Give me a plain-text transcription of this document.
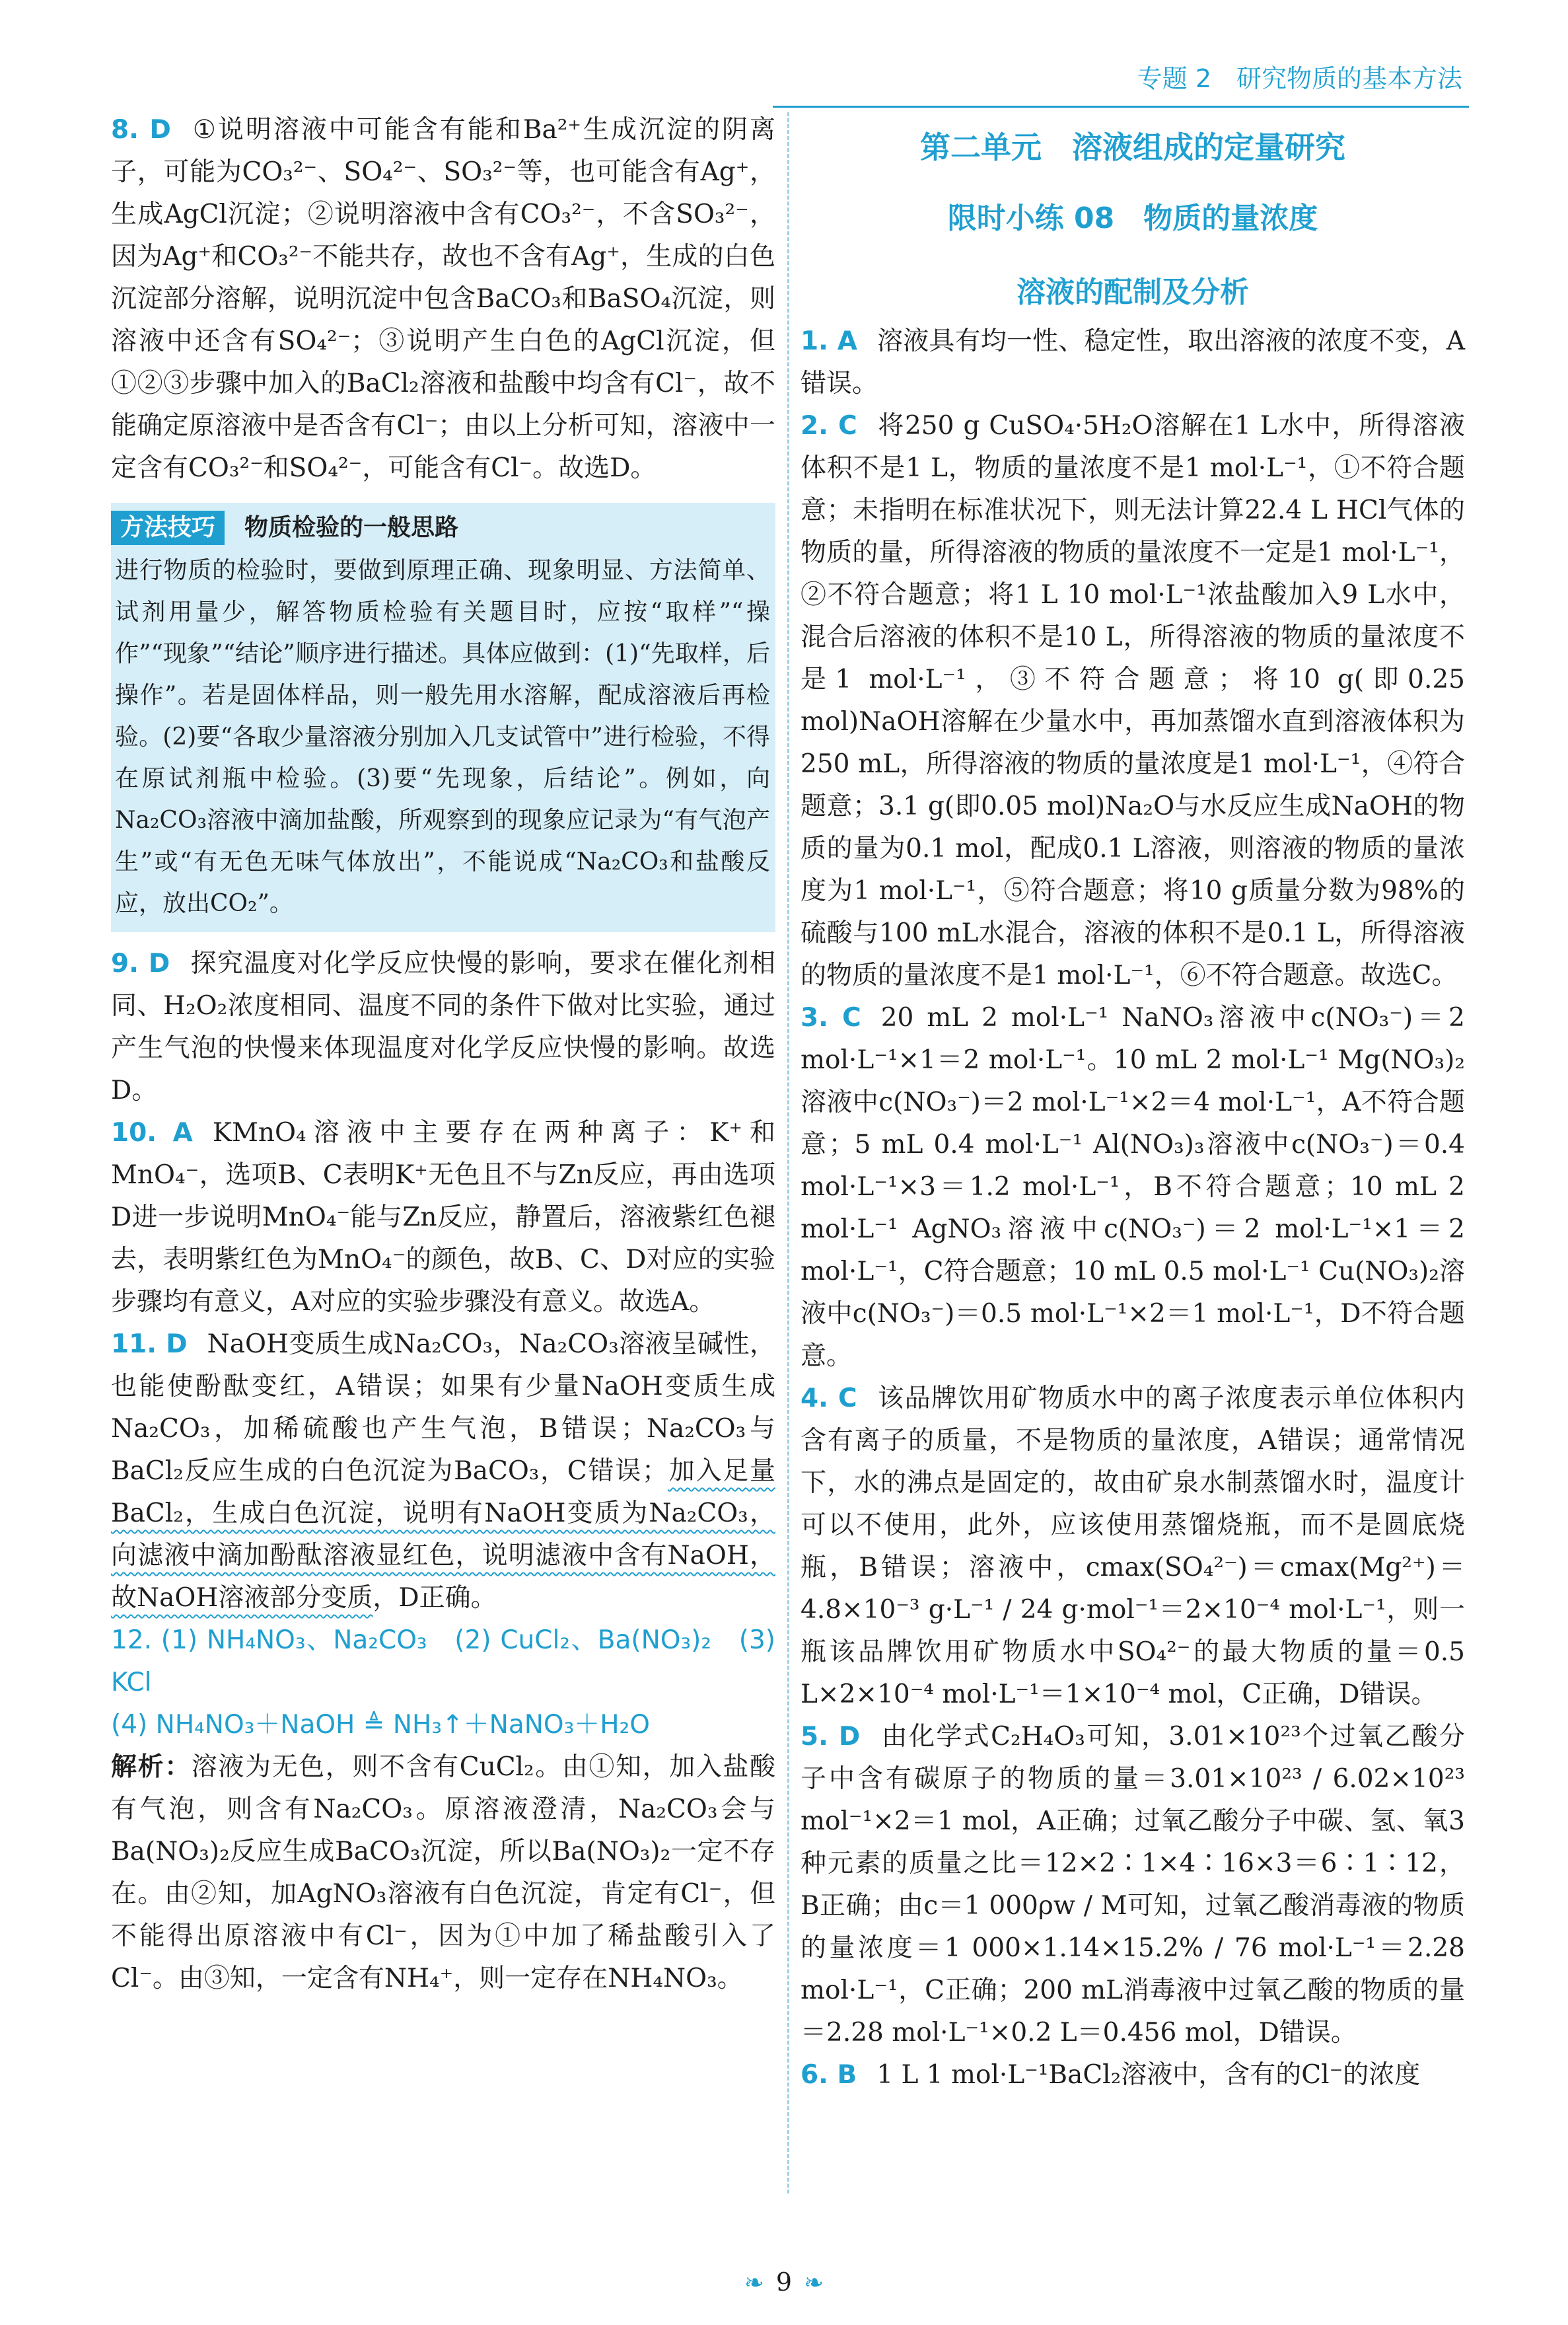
专题 2　研究物质的基本方法

8. D ①说明溶液中可能含有能和Ba²⁺生成沉淀的阴离子，可能为CO₃²⁻、SO₄²⁻、SO₃²⁻等，也可能含有Ag⁺，生成AgCl沉淀；②说明溶液中含有CO₃²⁻，不含SO₃²⁻，因为Ag⁺和CO₃²⁻不能共存，故也不含有Ag⁺，生成的白色沉淀部分溶解，说明沉淀中包含BaCO₃和BaSO₄沉淀，则溶液中还含有SO₄²⁻；③说明产生白色的AgCl沉淀，但①②③步骤中加入的BaCl₂溶液和盐酸中均含有Cl⁻，故不能确定原溶液中是否含有Cl⁻；由以上分析可知，溶液中一定含有CO₃²⁻和SO₄²⁻，可能含有Cl⁻。故选D。

方法技巧 物质检验的一般思路
进行物质的检验时，要做到原理正确、现象明显、方法简单、试剂用量少，解答物质检验有关题目时，应按“取样”“操作”“现象”“结论”顺序进行描述。具体应做到：(1)“先取样，后操作”。若是固体样品，则一般先用水溶解，配成溶液后再检验。(2)要“各取少量溶液分别加入几支试管中”进行检验，不得在原试剂瓶中检验。(3)要“先现象，后结论”。例如，向Na₂CO₃溶液中滴加盐酸，所观察到的现象应记录为“有气泡产生”或“有无色无味气体放出”，不能说成“Na₂CO₃和盐酸反应，放出CO₂”。

9. D 探究温度对化学反应快慢的影响，要求在催化剂相同、H₂O₂浓度相同、温度不同的条件下做对比实验，通过产生气泡的快慢来体现温度对化学反应快慢的影响。故选D。

10. A KMnO₄溶液中主要存在两种离子：K⁺和MnO₄⁻，选项B、C表明K⁺无色且不与Zn反应，再由选项D进一步说明MnO₄⁻能与Zn反应，静置后，溶液紫红色褪去，表明紫红色为MnO₄⁻的颜色，故B、C、D对应的实验步骤均有意义，A对应的实验步骤没有意义。故选A。

11. D NaOH变质生成Na₂CO₃，Na₂CO₃溶液呈碱性，也能使酚酞变红，A错误；如果有少量NaOH变质生成Na₂CO₃，加稀硫酸也产生气泡，B错误；Na₂CO₃与BaCl₂反应生成的白色沉淀为BaCO₃，C错误；加入足量BaCl₂，生成白色沉淀，说明有NaOH变质为Na₂CO₃，向滤液中滴加酚酞溶液显红色，说明滤液中含有NaOH，故NaOH溶液部分变质，D正确。

12. (1) NH₄NO₃、Na₂CO₃　(2) CuCl₂、Ba(NO₃)₂　(3) KCl

(4) NH₄NO₃＋NaOH ≜ NH₃↑＋NaNO₃＋H₂O

解析：溶液为无色，则不含有CuCl₂。由①知，加入盐酸有气泡，则含有Na₂CO₃。原溶液澄清，Na₂CO₃会与Ba(NO₃)₂反应生成BaCO₃沉淀，所以Ba(NO₃)₂一定不存在。由②知，加AgNO₃溶液有白色沉淀，肯定有Cl⁻，但不能得出原溶液中有Cl⁻，因为①中加了稀盐酸引入了Cl⁻。由③知，一定含有NH₄⁺，则一定存在NH₄NO₃。

第二单元　溶液组成的定量研究
限时小练 08　物质的量浓度
溶液的配制及分析

1. A 溶液具有均一性、稳定性，取出溶液的浓度不变，A错误。

2. C 将250 g CuSO₄·5H₂O溶解在1 L水中，所得溶液体积不是1 L，物质的量浓度不是1 mol·L⁻¹，①不符合题意；未指明在标准状况下，则无法计算22.4 L HCl气体的物质的量，所得溶液的物质的量浓度不一定是1 mol·L⁻¹，②不符合题意；将1 L 10 mol·L⁻¹浓盐酸加入9 L水中，混合后溶液的体积不是10 L，所得溶液的物质的量浓度不是1 mol·L⁻¹，③不符合题意；将10 g(即0.25 mol)NaOH溶解在少量水中，再加蒸馏水直到溶液体积为250 mL，所得溶液的物质的量浓度是1 mol·L⁻¹，④符合题意；3.1 g(即0.05 mol)Na₂O与水反应生成NaOH的物质的量为0.1 mol，配成0.1 L溶液，则溶液的物质的量浓度为1 mol·L⁻¹，⑤符合题意；将10 g质量分数为98%的硫酸与100 mL水混合，溶液的体积不是0.1 L，所得溶液的物质的量浓度不是1 mol·L⁻¹，⑥不符合题意。故选C。

3. C 20 mL 2 mol·L⁻¹ NaNO₃溶液中c(NO₃⁻)＝2 mol·L⁻¹×1＝2 mol·L⁻¹。10 mL 2 mol·L⁻¹ Mg(NO₃)₂溶液中c(NO₃⁻)＝2 mol·L⁻¹×2＝4 mol·L⁻¹，A不符合题意；5 mL 0.4 mol·L⁻¹ Al(NO₃)₃溶液中c(NO₃⁻)＝0.4 mol·L⁻¹×3＝1.2 mol·L⁻¹，B不符合题意；10 mL 2 mol·L⁻¹ AgNO₃溶液中c(NO₃⁻)＝2 mol·L⁻¹×1＝2 mol·L⁻¹，C符合题意；10 mL 0.5 mol·L⁻¹ Cu(NO₃)₂溶液中c(NO₃⁻)＝0.5 mol·L⁻¹×2＝1 mol·L⁻¹，D不符合题意。

4. C 该品牌饮用矿物质水中的离子浓度表示单位体积内含有离子的质量，不是物质的量浓度，A错误；通常情况下，水的沸点是固定的，故由矿泉水制蒸馏水时，温度计可以不使用，此外，应该使用蒸馏烧瓶，而不是圆底烧瓶，B错误；溶液中，cmax(SO₄²⁻)＝cmax(Mg²⁺)＝4.8×10⁻³ g·L⁻¹ / 24 g·mol⁻¹＝2×10⁻⁴ mol·L⁻¹，则一瓶该品牌饮用矿物质水中SO₄²⁻的最大物质的量＝0.5 L×2×10⁻⁴ mol·L⁻¹＝1×10⁻⁴ mol，C正确，D错误。

5. D 由化学式C₂H₄O₃可知，3.01×10²³个过氧乙酸分子中含有碳原子的物质的量＝3.01×10²³ / 6.02×10²³ mol⁻¹×2＝1 mol，A正确；过氧乙酸分子中碳、氢、氧3种元素的质量之比＝12×2∶1×4∶16×3＝6∶1∶12，B正确；由c＝1 000ρw / M可知，过氧乙酸消毒液的物质的量浓度＝1 000×1.14×15.2% / 76 mol·L⁻¹＝2.28 mol·L⁻¹，C正确；200 mL消毒液中过氧乙酸的物质的量＝2.28 mol·L⁻¹×0.2 L＝0.456 mol，D错误。

6. B 1 L 1 mol·L⁻¹BaCl₂溶液中，含有的Cl⁻的浓度

❧ 9 ❧
